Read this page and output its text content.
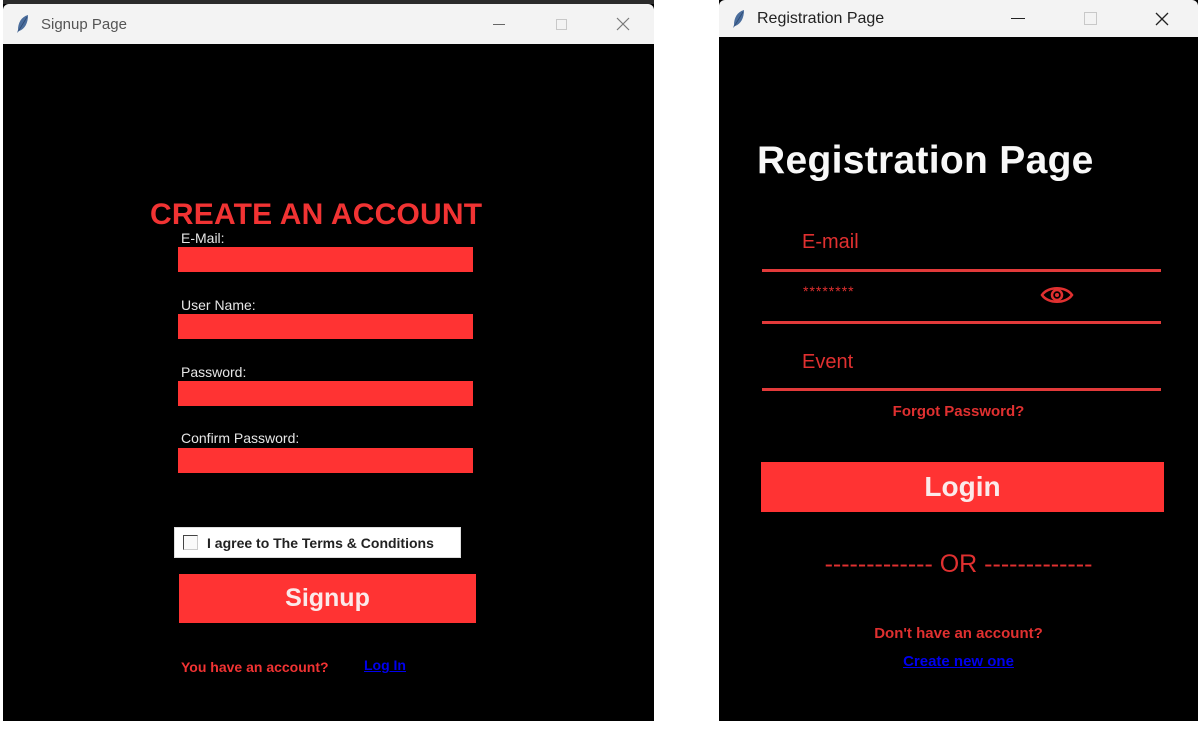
Signup Page
CREATE AN ACCOUNT
E-Mail:
User Name:
Password:
Confirm Password:
I agree to The Terms & Conditions
Signup
You have an account?	Log In
Registration Page
Registration Page
E-mail
********
Event
Forgot Password?
Login
------------- OR -------------
Don't have an account?
Create new one
